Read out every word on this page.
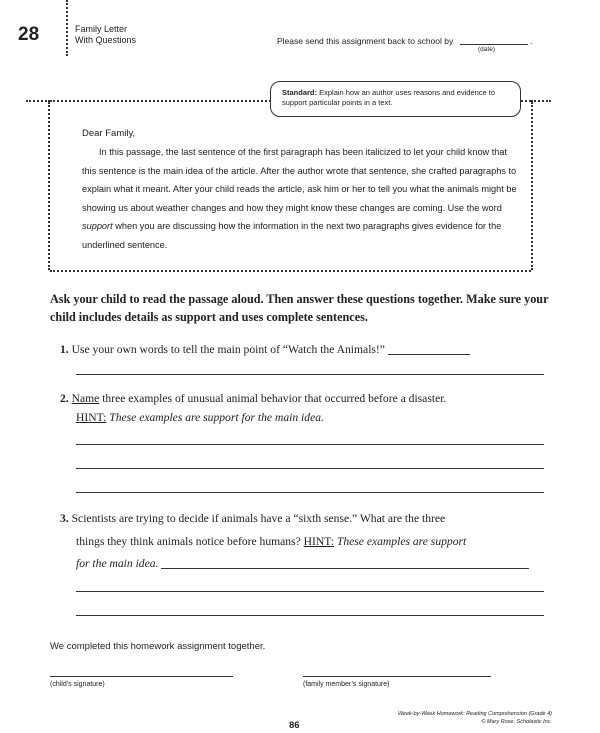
28	Family Letter
With Questions	Please send this assignment back to school by	.
(date)
Standard: Explain how an author uses reasons and evidence to support particular points in a text.
Dear Family,

In this passage, the last sentence of the first paragraph has been italicized to let your child know that this sentence is the main idea of the article. After the author wrote that sentence, she crafted paragraphs to explain what it meant. After your child reads the article, ask him or her to tell you what the animals might be showing us about weather changes and how they might know these changes are coming. Use the word support when you are discussing how the information in the next two paragraphs gives evidence for the underlined sentence.

Ask your child to read the passage aloud. Then answer these questions together. Make sure your child includes details as support and uses complete sentences.
1. Use your own words to tell the main point of “Watch the Animals!”
2. Name three examples of unusual animal behavior that occurred before a disaster.
HINT: These examples are support for the main idea.
3. Scientists are trying to decide if animals have a “sixth sense.” What are the three
things they think animals notice before humans? HINT: These examples are support
for the main idea.
We completed this homework assignment together.
(child’s signature)	(family member’s signature)
86
Week-by-Week Homework: Reading Comprehension (Grade 4)
© Mary Rose, Scholastic Inc.
